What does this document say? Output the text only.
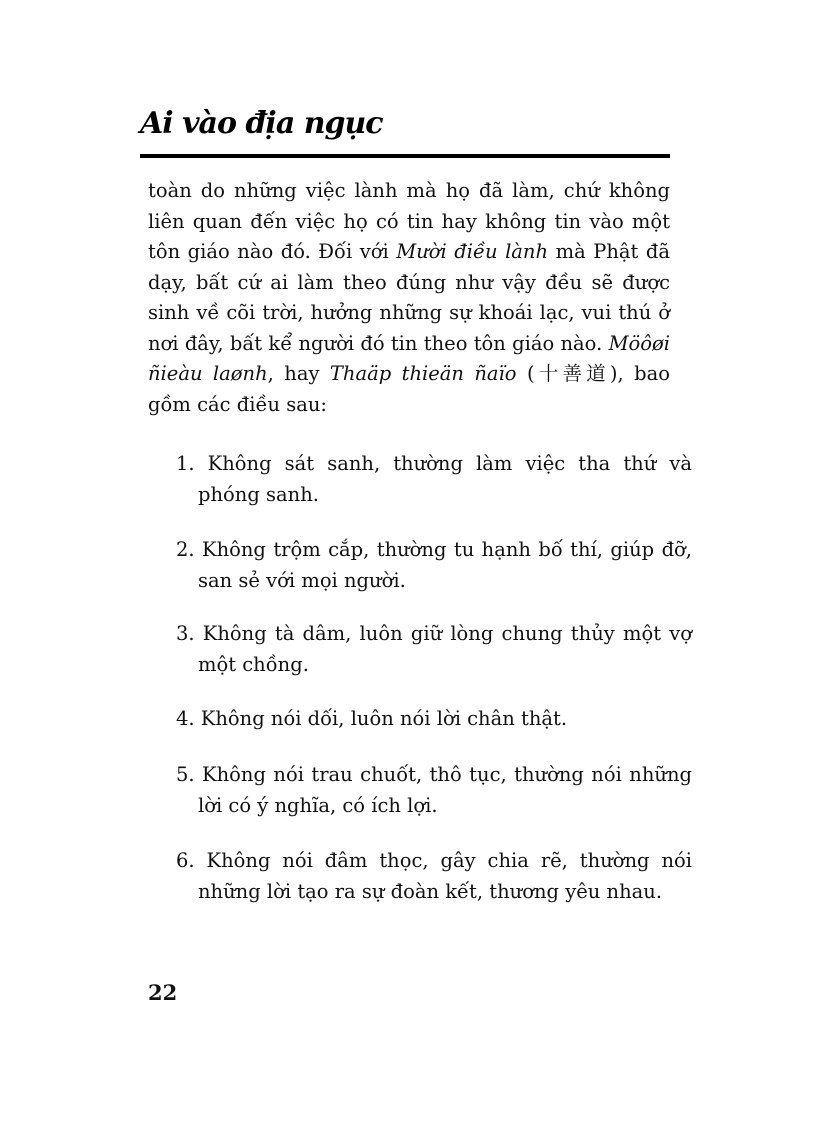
Ai vào địa ngục

toàn do những việc lành mà họ đã làm, chứ không liên quan đến việc họ có tin hay không tin vào một tôn giáo nào đó. Đối với Mười điều lành mà Phật đã dạy, bất cứ ai làm theo đúng như vậy đều sẽ được sinh về cõi trời, hưởng những sự khoái lạc, vui thú ở nơi đây, bất kể người đó tin theo tôn giáo nào. Möôøi ñieàu laønh, hay Thaäp thieän ñaïo (十善道), bao gồm các điều sau:

1. Không sát sanh, thường làm việc tha thứ và phóng sanh.
2. Không trộm cắp, thường tu hạnh bố thí, giúp đỡ, san sẻ với mọi người.
3. Không tà dâm, luôn giữ lòng chung thủy một vợ một chồng.
4. Không nói dối, luôn nói lời chân thật.
5. Không nói trau chuốt, thô tục, thường nói những lời có ý nghĩa, có ích lợi.
6. Không nói đâm thọc, gây chia rẽ, thường nói những lời tạo ra sự đoàn kết, thương yêu nhau.
22
